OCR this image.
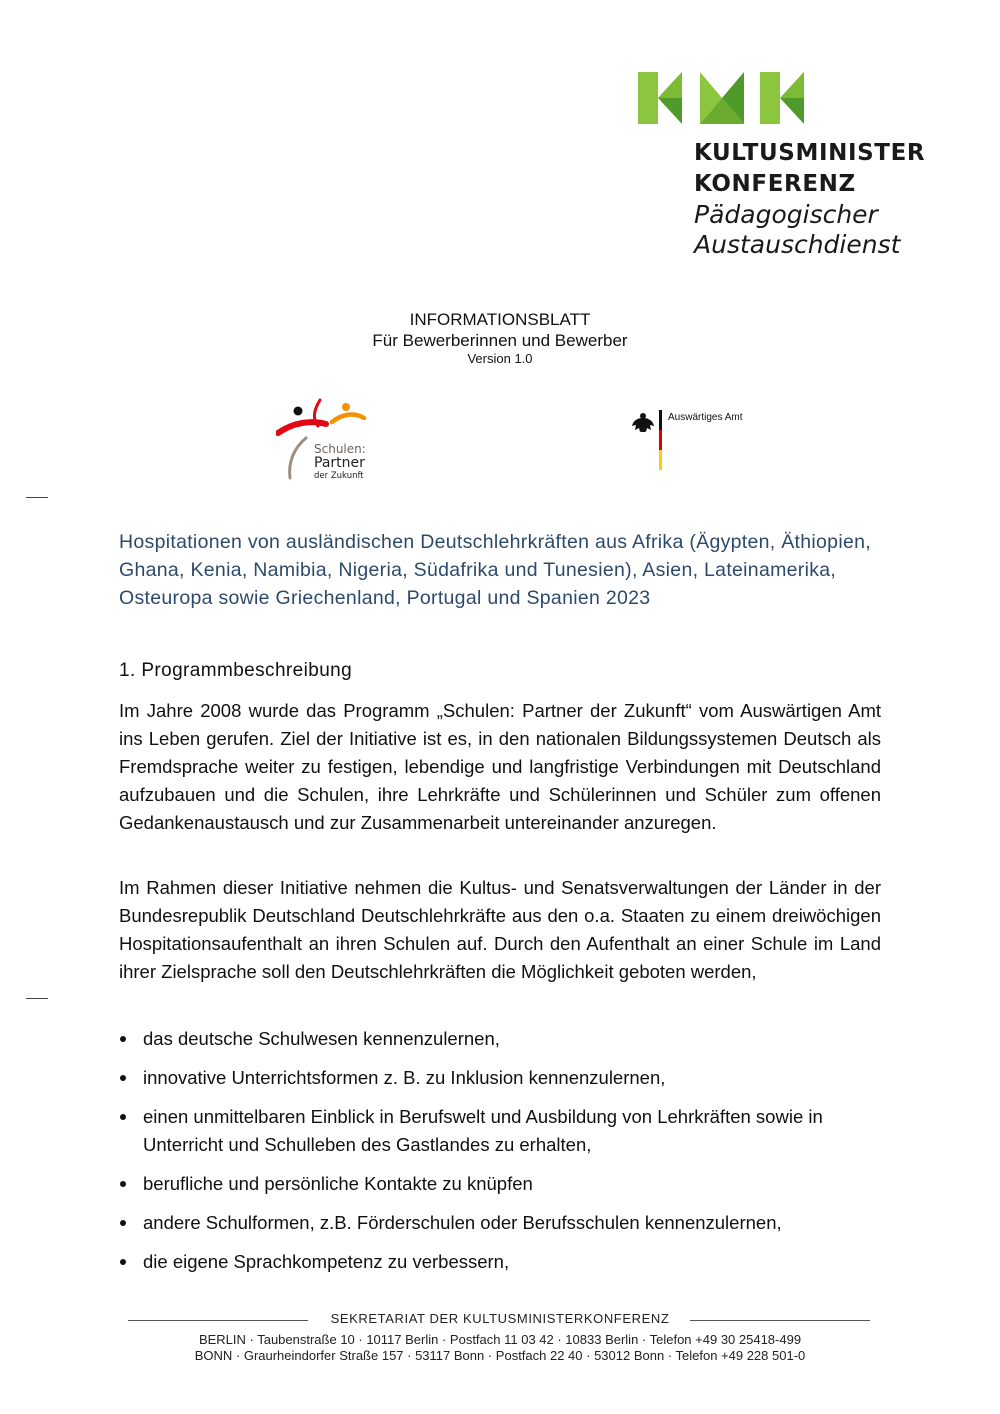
KULTUSMINISTER
KONFERENZ
Pädagogischer
Austauschdienst
INFORMATIONSBLATT
Für Bewerberinnen und Bewerber
Version 1.0
Schulen:
Partner
der Zukunft
Auswärtiges Amt
Hospitationen von ausländischen Deutschlehrkräften aus Afrika (Ägypten, Äthiopien, Ghana, Kenia, Namibia, Nigeria, Südafrika und Tunesien), Asien, Lateinamerika, Osteuropa sowie Griechenland, Portugal und Spanien 2023
1. Programmbeschreibung

Im Jahre 2008 wurde das Programm „Schulen: Partner der Zukunft“ vom Auswärtigen Amt ins Leben gerufen. Ziel der Initiative ist es, in den nationalen Bildungssystemen Deutsch als Fremdsprache weiter zu festigen, lebendige und langfristige Verbindungen mit Deutschland aufzubauen und die Schulen, ihre Lehrkräfte und Schülerinnen und Schüler zum offenen Gedankenaustausch und zur Zusammenarbeit untereinander anzuregen.

Im Rahmen dieser Initiative nehmen die Kultus- und Senatsverwaltungen der Länder in der Bundesrepublik Deutschland Deutschlehrkräfte aus den o.a. Staaten zu einem dreiwöchigen Hospitationsaufenthalt an ihren Schulen auf. Durch den Aufenthalt an einer Schule im Land ihrer Zielsprache soll den Deutschlehrkräften die Möglichkeit geboten werden,

das deutsche Schulwesen kennenzulernen,
innovative Unterrichtsformen z. B. zu Inklusion kennenzulernen,
einen unmittelbaren Einblick in Berufswelt und Ausbildung von Lehrkräften sowie in Unterricht und Schulleben des Gastlandes zu erhalten,
berufliche und persönliche Kontakte zu knüpfen
andere Schulformen, z.B. Förderschulen oder Berufsschulen kennenzulernen,
die eigene Sprachkompetenz zu verbessern,
SEKRETARIAT DER KULTUSMINISTERKONFERENZ
BERLIN · Taubenstraße 10 · 10117 Berlin · Postfach 11 03 42 · 10833 Berlin · Telefon +49 30 25418-499
BONN · Graurheindorfer Straße 157 · 53117 Bonn · Postfach 22 40 · 53012 Bonn · Telefon +49 228 501-0
